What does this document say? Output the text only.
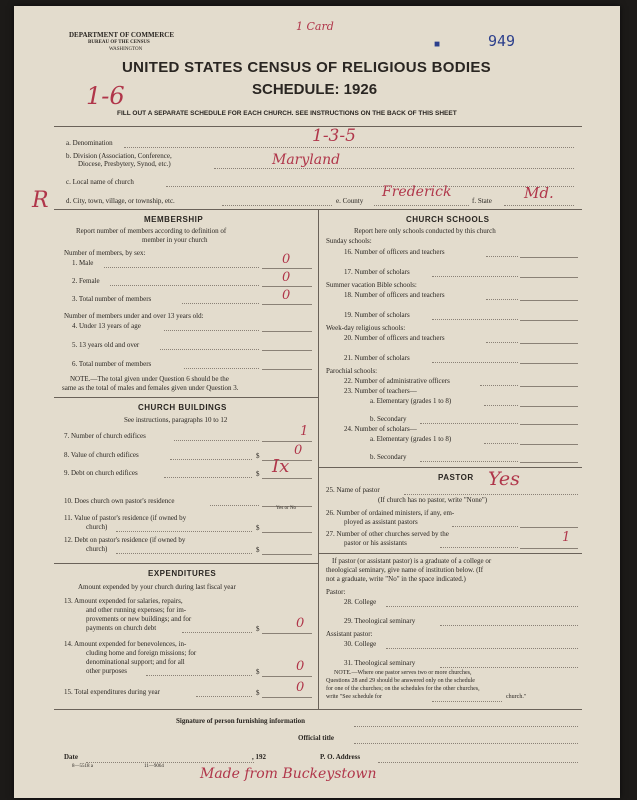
DEPARTMENT OF COMMERCE
BUREAU OF THE CENSUS
WASHINGTON
1 Card
■	949
1-6
UNITED STATES CENSUS OF RELIGIOUS BODIES
SCHEDULE: 1926
FILL OUT A SEPARATE SCHEDULE FOR EACH CHURCH. SEE INSTRUCTIONS ON THE BACK OF THIS SHEET
a. Denomination	1-3-5
b. Division (Association, Conference,
Diocese, Presbytery, Synod, etc.)	Maryland
c. Local name of church
R d. City, town, village, or township, etc.	e. County
Frederick
f. State Md.
MEMBERSHIP
Report number of members according to definition of
member in your church
Number of members, by sex:
1. Male	0
2. Female	0
3. Total number of members	0
Number of members under and over 13 years old:
4. Under 13 years of age
5. 13 years old and over
6. Total number of members
NOTE.—The total given under Question 6 should be the
same as the total of males and females given under Question 3.
CHURCH BUILDINGS
See instructions, paragraphs 10 to 12
7. Number of church edifices	1
8. Value of church edifices	$	0
9. Debt on church edifices	$ Ix
10. Does church own pastor's residence
Yes or No
11. Value of pastor's residence (if owned by
church)	$
12. Debt on pastor's residence (if owned by
church)	$
EXPENDITURES
Amount expended by your church during last fiscal year
13. Amount expended for salaries, repairs,
and other running expenses; for im-
provements or new buildings; and for
payments on church debt	$	0
14. Amount expended for benevolences, in-
cluding home and foreign missions; for
denominational support; and for all
other purposes	$	0
15. Total expenditures during year	$	0
CHURCH SCHOOLS
Report here only schools conducted by this church
Sunday schools:
16. Number of officers and teachers
17. Number of scholars
Summer vacation Bible schools:
18. Number of officers and teachers
19. Number of scholars
Week-day religious schools:
20. Number of officers and teachers
21. Number of scholars
Parochial schools:
22. Number of administrative officers
23. Number of teachers—
a. Elementary (grades 1 to 8)
b. Secondary
24. Number of scholars—
a. Elementary (grades 1 to 8)
b. Secondary
PASTOR
25. Name of pastor	Yes
(If church has no pastor, write "None")
26. Number of ordained ministers, if any, em-
ployed as assistant pastors
27. Number of other churches served by the
pastor or his assistants	1
If pastor (or assistant pastor) is a graduate of a college or
theological seminary, give name of institution below. (If
not a graduate, write "No" in the space indicated.)
Pastor:
28. College
29. Theological seminary
Assistant pastor:
30. College
31. Theological seminary
NOTE.—Where one pastor serves two or more churches,
Questions 28 and 29 should be answered only on the schedule
for one of the churches; on the schedules for the other churches,
write "See schedule for	church."
Signature of person furnishing information
Official title
Date	, 192	P. O. Address
8—5518 a	11—9064	Made from Buckeystown
